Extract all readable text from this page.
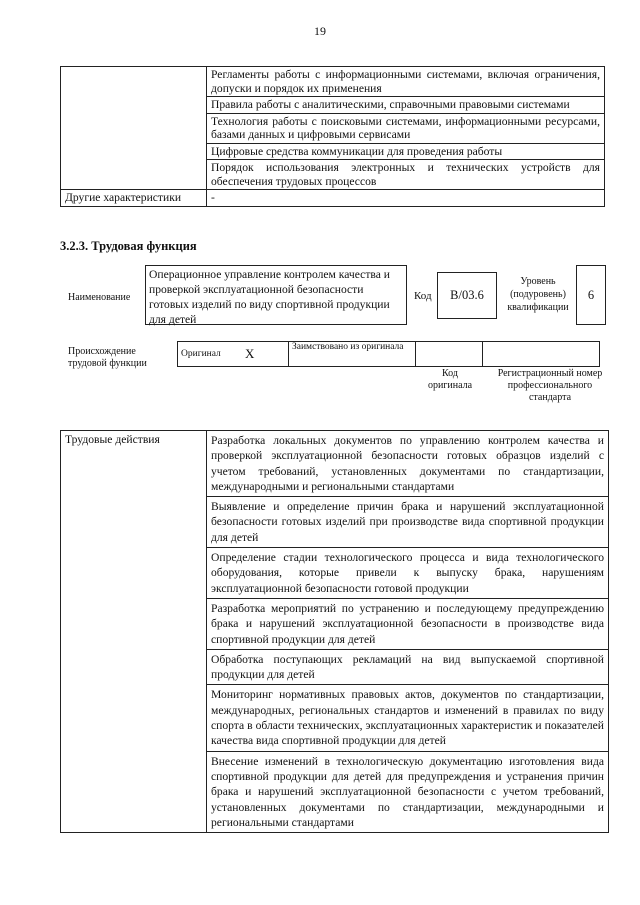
19
	Регламенты работы с информационными системами, включая ограничения, допуски и порядок их применения
	Правила работы с аналитическими, справочными правовыми системами
	Технология работы с поисковыми системами, информационными ресурсами, базами данных и цифровыми сервисами
	Цифровые средства коммуникации для проведения работы
	Порядок использования электронных и технических устройств для обеспечения трудовых процессов
Другие характеристики	-
3.2.3. Трудовая функция
Наименование
Операционное управление контролем качества и проверкой эксплуатационной безопасности готовых изделий по виду спортивной продукции для детей
Код	В/03.6
Уровень (подуровень) квалификации
6
Происхождение трудовой функции
Оригинал	Х	Заимствовано из оригинала		
Код оригинала
Регистрационный номер профессионального стандарта
Трудовые действия	Разработка локальных документов по управлению контролем качества и проверкой эксплуатационной безопасности готовых образцов изделий с учетом требований, установленных документами по стандартизации, международными и региональными стандартами
Выявление и определение причин брака и нарушений эксплуатационной безопасности готовых изделий при производстве вида спортивной продукции для детей
Определение стадии технологического процесса и вида технологического оборудования, которые привели к выпуску брака, нарушениям эксплуатационной безопасности готовой продукции
Разработка мероприятий по устранению и последующему предупреждению брака и нарушений эксплуатационной безопасности в производстве вида спортивной продукции для детей
Обработка поступающих рекламаций на вид выпускаемой спортивной продукции для детей
Мониторинг нормативных правовых актов, документов по стандартизации, международных, региональных стандартов и изменений в правилах по виду спорта в области технических, эксплуатационных характеристик и показателей качества вида спортивной продукции для детей
Внесение изменений в технологическую документацию изготовления вида спортивной продукции для детей для предупреждения и устранения причин брака и нарушений эксплуатационной безопасности с учетом требований, установленных документами по стандартизации, международными и региональными стандартами
